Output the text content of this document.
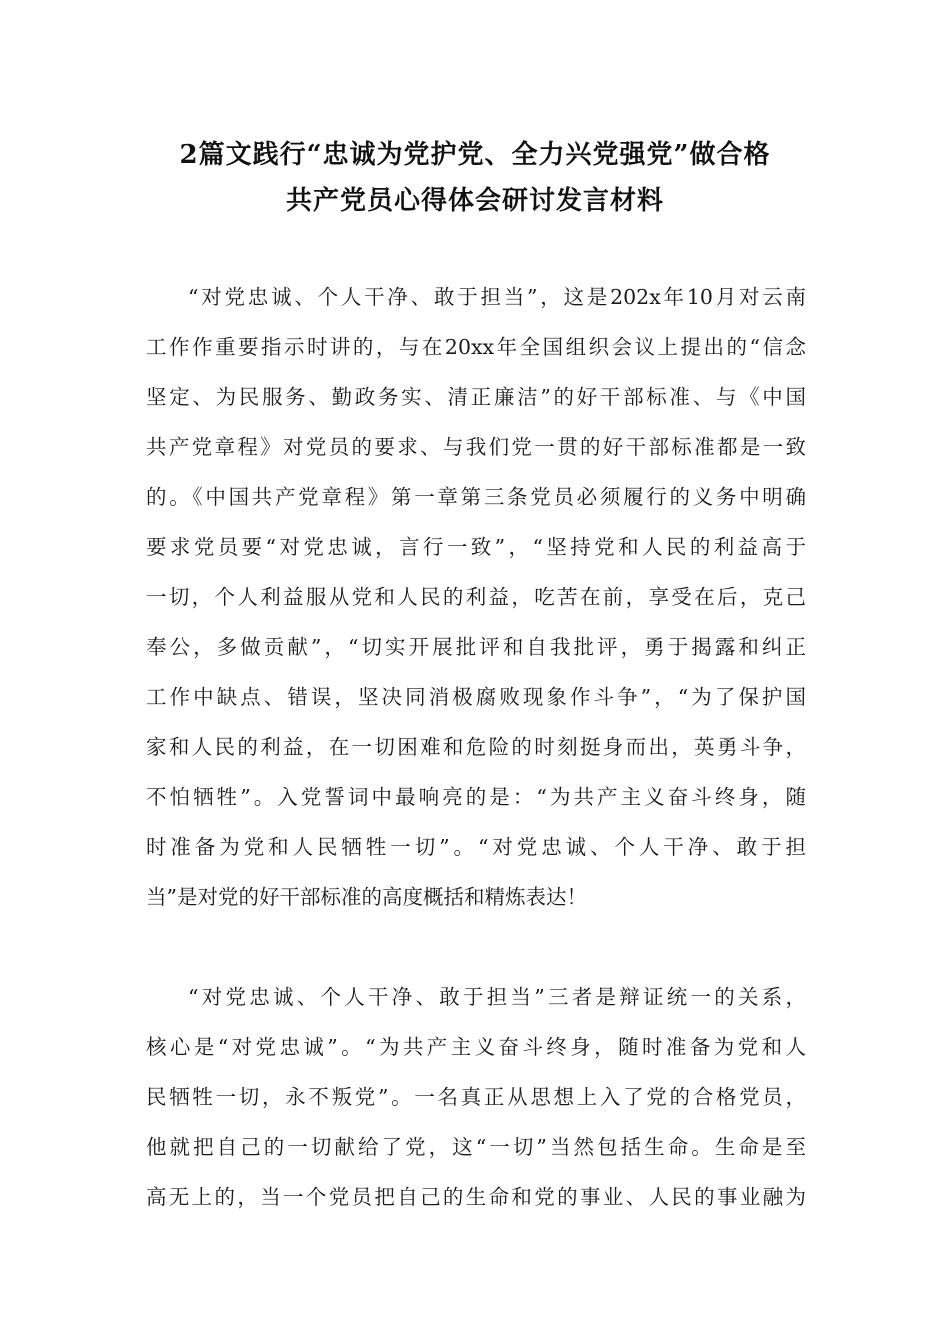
2篇文践行“忠诚为党护党、全力兴党强党”做合格
共产党员心得体会研讨发言材料
“对党忠诚、个人干净、敢于担当”，这是202x年10月对云南
工作作重要指示时讲的，与在20xx年全国组织会议上提出的“信念
坚定、为民服务、勤政务实、清正廉洁”的好干部标准、与《中国
共产党章程》对党员的要求、与我们党一贯的好干部标准都是一致
的。《中国共产党章程》第一章第三条党员必须履行的义务中明确
要求党员要“对党忠诚，言行一致”，“坚持党和人民的利益高于
一切，个人利益服从党和人民的利益，吃苦在前，享受在后，克己
奉公，多做贡献”，“切实开展批评和自我批评，勇于揭露和纠正
工作中缺点、错误，坚决同消极腐败现象作斗争”，“为了保护国
家和人民的利益，在一切困难和危险的时刻挺身而出，英勇斗争，
不怕牺牲”。入党誓词中最响亮的是：“为共产主义奋斗终身，随
时准备为党和人民牺牲一切”。“对党忠诚、个人干净、敢于担
当”是对党的好干部标准的高度概括和精炼表达！
“对党忠诚、个人干净、敢于担当”三者是辩证统一的关系，
核心是“对党忠诚”。“为共产主义奋斗终身，随时准备为党和人
民牺牲一切，永不叛党”。一名真正从思想上入了党的合格党员，
他就把自己的一切献给了党，这“一切”当然包括生命。生命是至
高无上的，当一个党员把自己的生命和党的事业、人民的事业融为
